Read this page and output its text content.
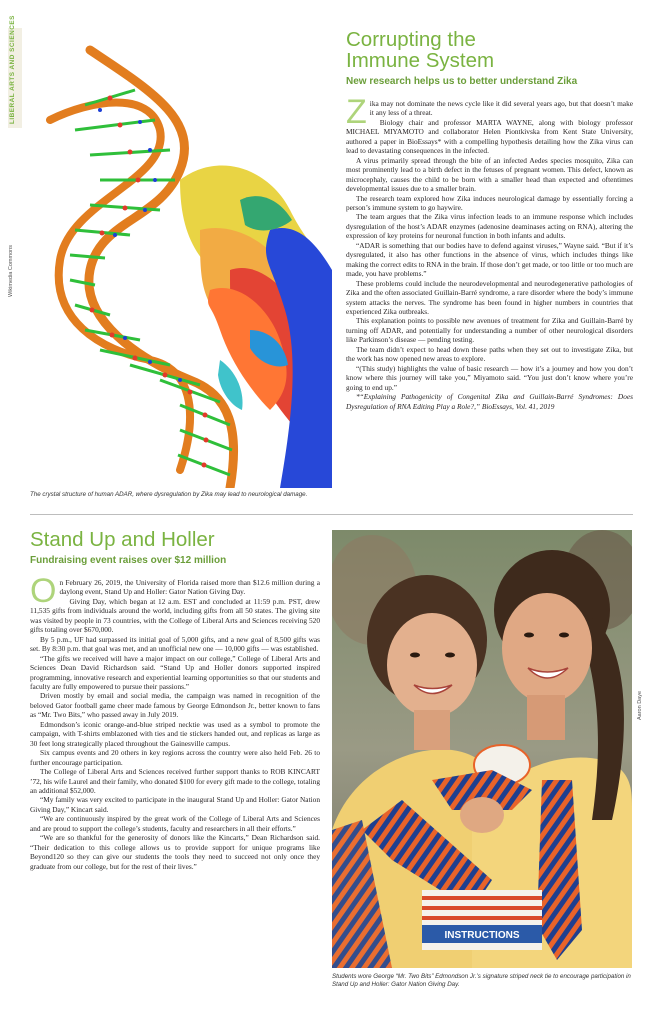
LIBERAL ARTS AND SCIENCES
Wikimedia Commons
The crystal structure of human ADAR, where dysregulation by Zika may lead to neurological damage.
Corrupting the
Immune System
New research helps us to better understand Zika

Zika may not dominate the news cycle like it did several years ago, but that doesn’t make it any less of a threat.

Biology chair and professor MARTA WAYNE, along with biology professor MICHAEL MIYAMOTO and collaborator Helen Piontkivska from Kent State University, authored a paper in BioEssays* with a compelling hypothesis detailing how the Zika virus can lead to devastating consequences in the infected.

A virus primarily spread through the bite of an infected Aedes species mosquito, Zika can most prominently lead to a birth defect in the fetuses of pregnant women. This defect, known as microcephaly, causes the child to be born with a smaller head than expected and oftentimes developmental issues due to a smaller brain.

The research team explored how Zika induces neurological damage by essentially forcing a person’s immune system to go haywire.

The team argues that the Zika virus infection leads to an immune response which includes dysregulation of the host’s ADAR enzymes (adenosine deaminases acting on RNA), altering the expression of key proteins for neuronal function in both infants and adults.

“ADAR is something that our bodies have to defend against viruses,” Wayne said. “But if it’s dysregulated, it also has other functions in the absence of virus, which includes things like making the correct edits to RNA in the brain. If those don’t get made, or too little or too much are made, you have problems.”

These problems could include the neurodevelopmental and neurodegenerative pathologies of Zika and the often associated Guillain-Barré syndrome, a rare disorder where the body’s immune system attacks the nerves. The syndrome has been found in higher numbers in countries that experienced Zika outbreaks.

This explanation points to possible new avenues of treatment for Zika and Guillain-Barré by turning off ADAR, and potentially for understanding a number of other neurological disorders like Parkinson’s disease — pending testing.

The team didn’t expect to head down these paths when they set out to investigate Zika, but the work has now opened new areas to explore.

“(This study) highlights the value of basic research — how it’s a journey and how you don’t know where this journey will take you,” Miyamoto said. “You just don’t know where you’re going to end up.”

*“Explaining Pathogenicity of Congenital Zika and Guillain-Barré Syndromes: Does Dysregulation of RNA Editing Play a Role?,” BioEssays, Vol. 41, 2019

Stand Up and Holler
Fundraising event raises over $12 million

On February 26, 2019, the University of Florida raised more than $12.6 million during a daylong event, Stand Up and Holler: Gator Nation Giving Day.

Giving Day, which began at 12 a.m. EST and concluded at 11:59 p.m. PST, drew 11,535 gifts from individuals around the world, including gifts from all 50 states. The giving site was visited by people in 73 countries, with the College of Liberal Arts and Sciences receiving 520 gifts totaling over $670,000.

By 5 p.m., UF had surpassed its initial goal of 5,000 gifts, and a new goal of 8,500 gifts was set. By 8:30 p.m. that goal was met, and an unofficial new one — 10,000 gifts — was established.

“The gifts we received will have a major impact on our college,” College of Liberal Arts and Sciences Dean David Richardson said. “Stand Up and Holler donors supported inspired programming, innovative research and experiential learning opportunities so that our students and faculty are fully empowered to pursue their passions.”

Driven mostly by email and social media, the campaign was named in recognition of the beloved Gator football game cheer made famous by George Edmondson Jr., better known to fans as “Mr. Two Bits,” who passed away in July 2019.

Edmondson’s iconic orange-and-blue striped necktie was used as a symbol to promote the campaign, with T-shirts emblazoned with ties and tie stickers handed out, and replicas as large as 30 feet long strategically placed throughout the Gainesville campus.

Six campus events and 20 others in key regions across the country were also held Feb. 26 to further encourage participation.

The College of Liberal Arts and Sciences received further support thanks to ROB KINCART ’72, his wife Laurel and their family, who donated $100 for every gift made to the college, totaling an additional $52,000.

“My family was very excited to participate in the inaugural Stand Up and Holler: Gator Nation Giving Day,” Kincart said.

“We are continuously inspired by the great work of the College of Liberal Arts and Sciences and are proud to support the college’s students, faculty and researchers in all their efforts.”

“We are so thankful for the generosity of donors like the Kincarts,” Dean Richardson said. “Their dedication to this college allows us to provide support for unique programs like Beyond120 so they can give our students the tools they need to succeed not only once they graduate from our college, but for the rest of their lives.”

INSTRUCTIONS
Aaron Daye
Students wore George “Mr. Two Bits” Edmondson Jr.’s signature striped neck tie to encourage participation in Stand Up and Holler: Gator Nation Giving Day.
